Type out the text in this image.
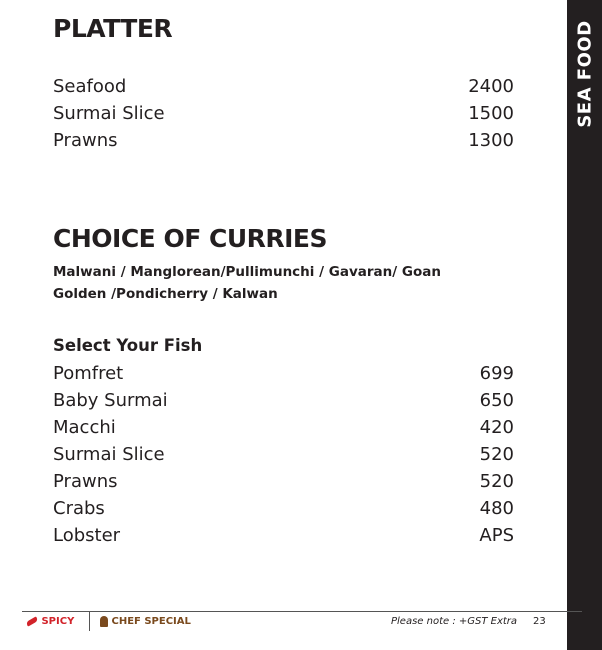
SEA FOOD
PLATTER
Seafood	2400
Surmai Slice	1500
Prawns	1300
CHOICE OF CURRIES
Malwani / Manglorean/Pullimunchi / Gavaran/ Goan
Golden /Pondicherry / Kalwan
Select Your Fish
Pomfret	699
Baby Surmai	650
Macchi	420
Surmai Slice	520
Prawns	520
Crabs	480
Lobster	APS
SPICY	CHEF SPECIAL	Please note : +GST Extra 23
